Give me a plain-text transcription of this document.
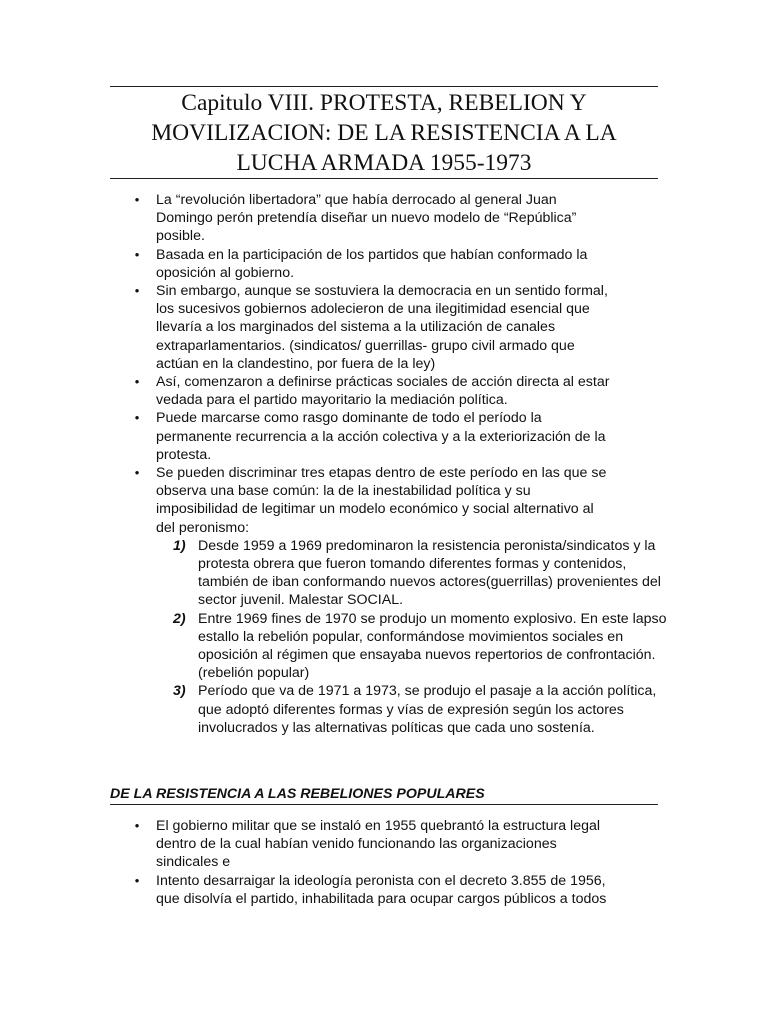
Capitulo VIII. PROTESTA, REBELION Y
MOVILIZACION: DE LA RESISTENCIA A LA
LUCHA ARMADA 1955-1973
•	La “revolución libertadora” que había derrocado al general Juan
Domingo perón pretendía diseñar un nuevo modelo de “República”
posible.
•	Basada en la participación de los partidos que habían conformado la
oposición al gobierno.
•	Sin embargo, aunque se sostuviera la democracia en un sentido formal,
los sucesivos gobiernos adolecieron de una ilegitimidad esencial que
llevaría a los marginados del sistema a la utilización de canales
extraparlamentarios. (sindicatos/ guerrillas- grupo civil armado que
actúan en la clandestino, por fuera de la ley)
•	Así, comenzaron a definirse prácticas sociales de acción directa al estar
vedada para el partido mayoritario la mediación política.
•	Puede marcarse como rasgo dominante de todo el período la
permanente recurrencia a la acción colectiva y a la exteriorización de la
protesta.
•	Se pueden discriminar tres etapas dentro de este período en las que se
observa una base común: la de la inestabilidad política y su
imposibilidad de legitimar un modelo económico y social alternativo al
del peronismo:
1) Desde 1959 a 1969 predominaron la resistencia peronista/sindicatos y la protesta obrera que fueron tomando diferentes formas y contenidos, también de iban conformando nuevos actores(guerrillas) provenientes del sector juvenil. Malestar SOCIAL.
2) Entre 1969 fines de 1970 se produjo un momento explosivo. En este lapso estallo la rebelión popular, conformándose movimientos sociales en oposición al régimen que ensayaba nuevos repertorios de confrontación. (rebelión popular)
3) Período que va de 1971 a 1973, se produjo el pasaje a la acción política, que adoptó diferentes formas y vías de expresión según los actores involucrados y las alternativas políticas que cada uno sostenía.
DE LA RESISTENCIA A LAS REBELIONES POPULARES
•	El gobierno militar que se instaló en 1955 quebrantó la estructura legal
dentro de la cual habían venido funcionando las organizaciones
sindicales e
•	Intento desarraigar la ideología peronista con el decreto 3.855 de 1956,
que disolvía el partido, inhabilitada para ocupar cargos públicos a todos
